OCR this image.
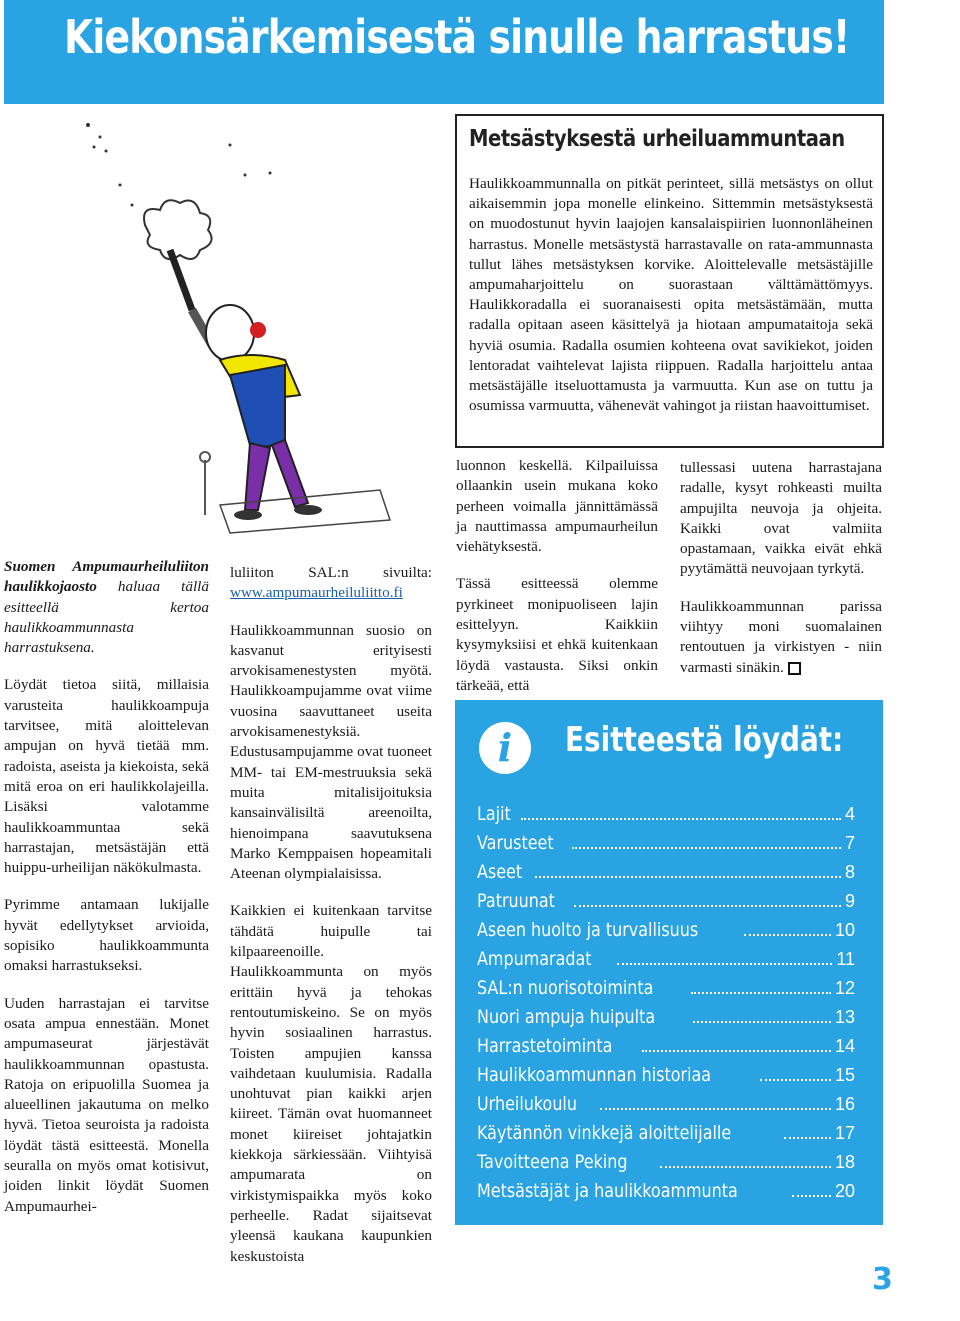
Kiekonsärkemisestä sinulle harrastus!
Metsästyksestä urheiluammuntaan

Haulikkoammunnalla on pitkät perinteet, sillä metsästys on ollut aikaisemmin jopa monelle elinkeino. Sittemmin metsästyksestä on muodostunut hyvin laajojen kansalaispiirien luonnonläheinen harrastus. Monelle metsästystä harrastavalle on rata-ammunnasta tullut lähes metsästyksen korvike. Aloittelevalle metsästäjille ampumaharjoittelu on suorastaan välttämättömyys. Haulikkoradalla ei suoranaisesti opita metsästämään, mutta radalla opitaan aseen käsittelyä ja hiotaan ampumataitoja sekä hyviä osumia. Radalla osumien kohteena ovat savikiekot, joiden lentoradat vaihtelevat lajista riippuen. Radalla harjoittelu antaa metsästäjälle itseluottamusta ja varmuutta. Kun ase on tuttu ja osumissa varmuutta, vähenevät vahingot ja riistan haavoittumiset.

Suomen Ampumaurheiluliiton haulikkojaosto haluaa tällä esitteellä kertoa haulikkoammunnasta harrastuksena.

Löydät tietoa siitä, millaisia varusteita haulikkoampuja tarvitsee, mitä aloittelevan ampujan on hyvä tietää mm. radoista, aseista ja kiekoista, sekä mitä eroa on eri haulikkolajeilla. Lisäksi valotamme haulikkoammuntaa sekä harrastajan, metsästäjän että huippu-urheilijan näkökulmasta.

Pyrimme antamaan lukijalle hyvät edellytykset arvioida, sopisiko haulikkoammunta omaksi harrastukseksi.

Uuden harrastajan ei tarvitse osata ampua ennestään. Monet ampumaseurat järjestävät haulikkoammunnan opastusta. Ratoja on eripuolilla Suomea ja alueellinen jakautuma on melko hyvä. Tietoa seuroista ja radoista löydät tästä esitteestä. Monella seuralla on myös omat kotisivut, joiden linkit löydät Suomen Ampumaurhei-

luliiton SAL:n sivuilta: www.ampumaurheiluliitto.fi

Haulikkoammunnan suosio on kasvanut erityisesti arvokisamenestysten myötä. Haulikkoampujamme ovat viime vuosina saavuttaneet useita arvokisamenestyksiä. Edustusampujamme ovat tuoneet MM- tai EM-mestruuksia sekä muita mitalisijoituksia kansainvälisiltä areenoilta, hienoimpana saavutuksena Marko Kemppaisen hopeamitali Ateenan olympialaisissa.

Kaikkien ei kuitenkaan tarvitse tähdätä huipulle tai kilpaareenoille. Haulikkoammunta on myös erittäin hyvä ja tehokas rentoutumiskeino. Se on myös hyvin sosiaalinen harrastus. Toisten ampujien kanssa vaihdetaan kuulumisia. Radalla unohtuvat pian kaikki arjen kiireet. Tämän ovat huomanneet monet kiireiset johtajatkin kiekkoja särkiessään. Viihtyisä ampumarata on virkistymispaikka myös koko perheelle. Radat sijaitsevat yleensä kaukana kaupunkien keskustoista

luonnon keskellä. Kilpailuissa ollaankin usein mukana koko perheen voimalla jännittämässä ja nauttimassa ampumaurheilun viehätyksestä.

Tässä esitteessä olemme pyrkineet monipuoliseen lajin esittelyyn. Kaikkiin kysymyksiisi et ehkä kuitenkaan löydä vastausta. Siksi onkin tärkeää, että

tullessasi uutena harrastajana radalle, kysyt rohkeasti muilta ampujilta neuvoja ja ohjeita. Kaikki ovat valmiita opastamaan, vaikka eivät ehkä pyytämättä neuvojaan tyrkytä.

Haulikkoammunnan parissa viihtyy moni suomalainen rentoutuen ja virkistyen - niin varmasti sinäkin.

i	Esitteestä löydät:
Lajit	4
Varusteet	7
Aseet	8
Patruunat	9
Aseen huolto ja turvallisuus	10
Ampumaradat	11
SAL:n nuorisotoiminta	12
Nuori ampuja huipulta	13
Harrastetoiminta	14
Haulikkoammunnan historiaa	15
Urheilukoulu	16
Käytännön vinkkejä aloittelijalle	17
Tavoitteena Peking	18
Metsästäjät ja haulikkoammunta	20
3
